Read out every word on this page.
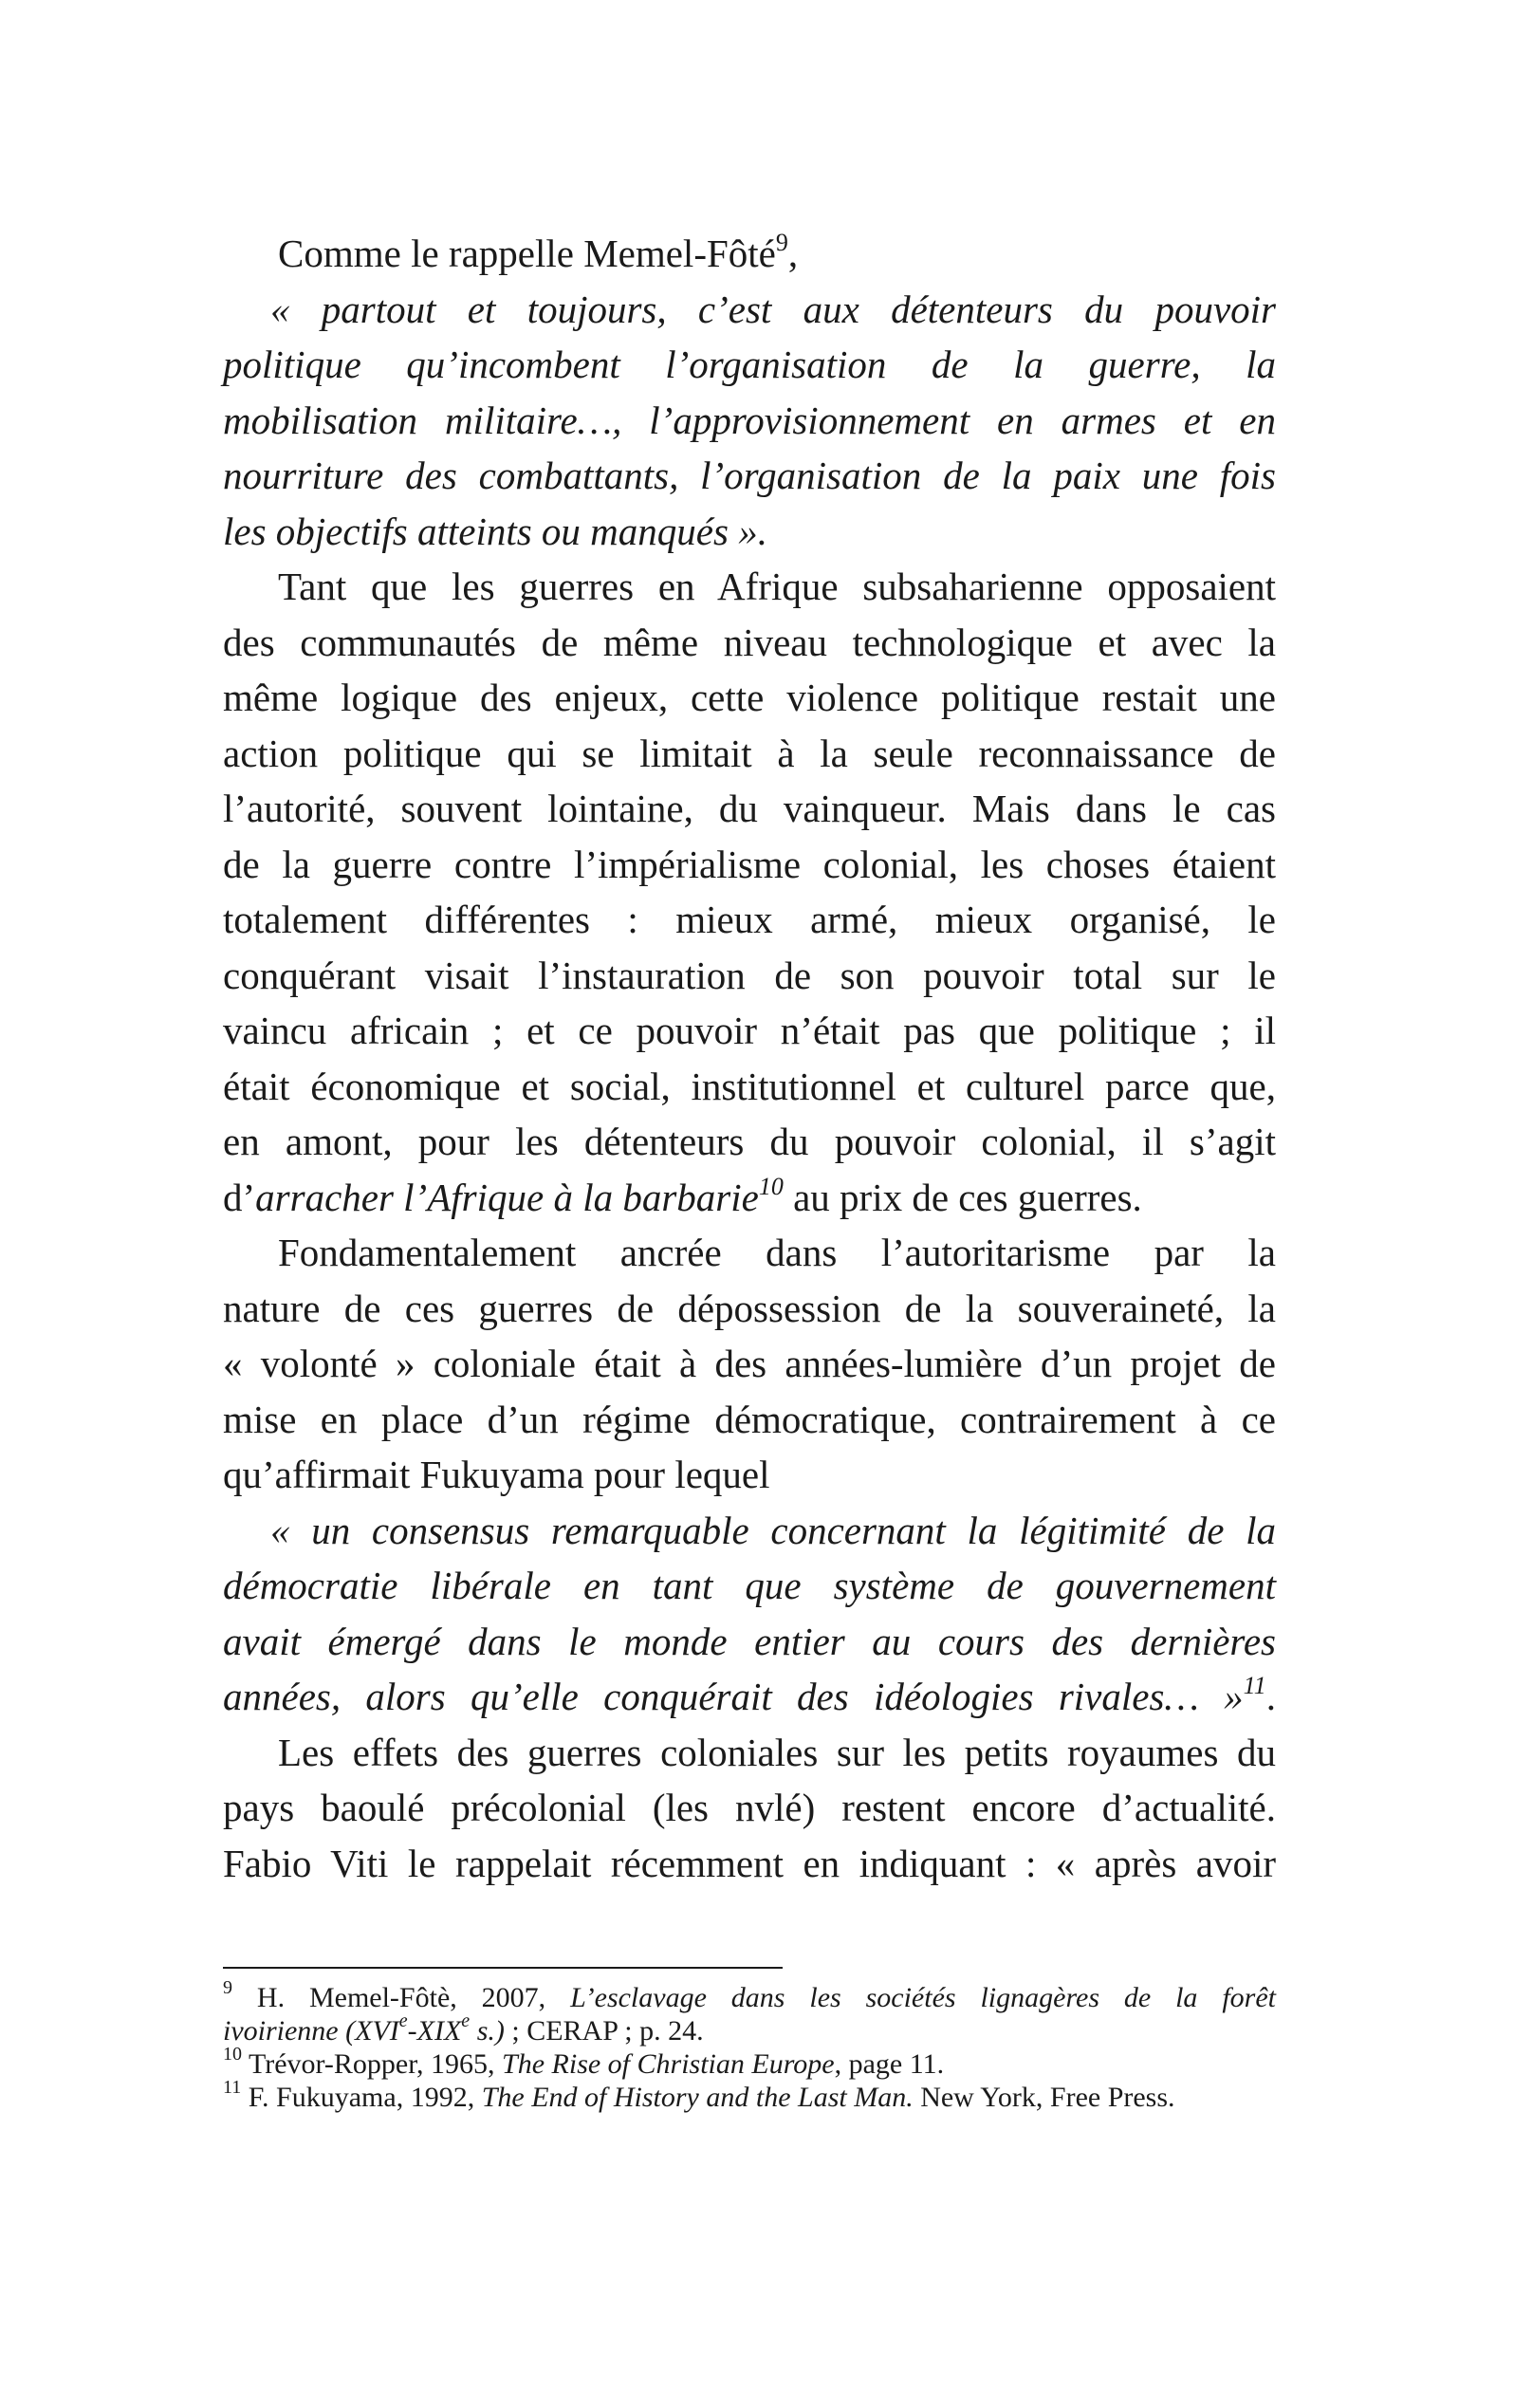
Comme le rappelle Memel-Fôté$^9$,
« partout et toujours, c’est aux détenteurs du pouvoir
politique qu’incombent l’organisation de la guerre, la
mobilisation militaire…, l’approvisionnement en armes et en
nourriture des combattants, l’organisation de la paix une fois
les objectifs atteints ou manqués ».
Tant que les guerres en Afrique subsaharienne opposaient
des communautés de même niveau technologique et avec la
même logique des enjeux, cette violence politique restait une
action politique qui se limitait à la seule reconnaissance de
l’autorité, souvent lointaine, du vainqueur. Mais dans le cas
de la guerre contre l’impérialisme colonial, les choses étaient
totalement différentes : mieux armé, mieux organisé, le
conquérant visait l’instauration de son pouvoir total sur le
vaincu africain ; et ce pouvoir n’était pas que politique ; il
était économique et social, institutionnel et culturel parce que,
en amont, pour les détenteurs du pouvoir colonial, il s’agit
d’arracher l’Afrique à la barbarie$^{10}$ au prix de ces guerres.
Fondamentalement ancrée dans l’autoritarisme par la
nature de ces guerres de dépossession de la souveraineté, la
« volonté » coloniale était à des années-lumière d’un projet de
mise en place d’un régime démocratique, contrairement à ce
qu’affirmait Fukuyama pour lequel
« un consensus remarquable concernant la légitimité de la
démocratie libérale en tant que système de gouvernement
avait émergé dans le monde entier au cours des dernières
années, alors qu’elle conquérait des idéologies rivales… »$^{11}$.
Les effets des guerres coloniales sur les petits royaumes du
pays baoulé précolonial (les nvlé) restent encore d’actualité.
Fabio Viti le rappelait récemment en indiquant : « après avoir
$^9$ H. Memel-Fôtè, 2007, L’esclavage dans les sociétés lignagères de la forêt
ivoirienne (XVIe-XIXe s.) ; CERAP ; p. 24.
$^{10}$ Trévor-Ropper, 1965, The Rise of Christian Europe, page 11.
$^{11}$ F. Fukuyama, 1992, The End of History and the Last Man. New York, Free Press.
